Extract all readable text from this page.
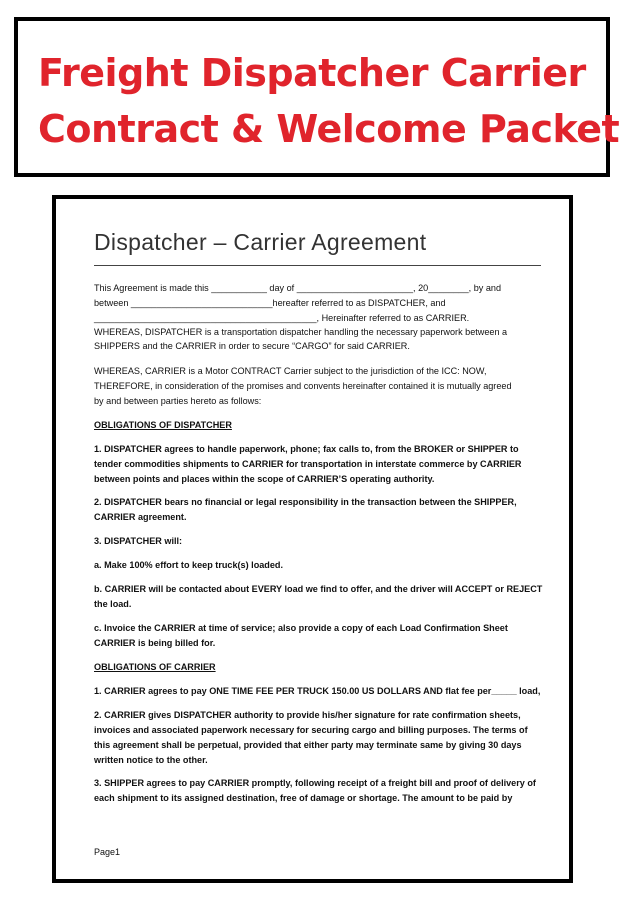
Freight Dispatcher Carrier
Contract & Welcome Packet
Dispatcher – Carrier Agreement
This Agreement is made this ___________ day of _______________________, 20________, by and
between ____________________________hereafter referred to as DISPATCHER, and
____________________________________________, Hereinafter referred to as CARRIER.
WHEREAS, DISPATCHER is a transportation dispatcher handling the necessary paperwork between a
SHIPPERS and the CARRIER in order to secure “CARGO” for said CARRIER.
WHEREAS, CARRIER is a Motor CONTRACT Carrier subject to the jurisdiction of the ICC: NOW,
THEREFORE, in consideration of the promises and convents hereinafter contained it is mutually agreed
by and between parties hereto as follows:
OBLIGATIONS OF DISPATCHER
1. DISPATCHER agrees to handle paperwork, phone; fax calls to, from the BROKER or SHIPPER to
tender commodities shipments to CARRIER for transportation in interstate commerce by CARRIER
between points and places within the scope of CARRIER’S operating authority.
2. DISPATCHER bears no financial or legal responsibility in the transaction between the SHIPPER,
CARRIER agreement.
3. DISPATCHER will:
a. Make 100% effort to keep truck(s) loaded.
b. CARRIER will be contacted about EVERY load we find to offer, and the driver will ACCEPT or REJECT
the load.
c. Invoice the CARRIER at time of service; also provide a copy of each Load Confirmation Sheet
CARRIER is being billed for.
OBLIGATIONS OF CARRIER
1. CARRIER agrees to pay ONE TIME FEE PER TRUCK 150.00 US DOLLARS AND flat fee per_____ load,
2. CARRIER gives DISPATCHER authority to provide his/her signature for rate confirmation sheets,
invoices and associated paperwork necessary for securing cargo and billing purposes. The terms of
this agreement shall be perpetual, provided that either party may terminate same by giving 30 days
written notice to the other.
3. SHIPPER agrees to pay CARRIER promptly, following receipt of a freight bill and proof of delivery of
each shipment to its assigned destination, free of damage or shortage. The amount to be paid by
Page1
